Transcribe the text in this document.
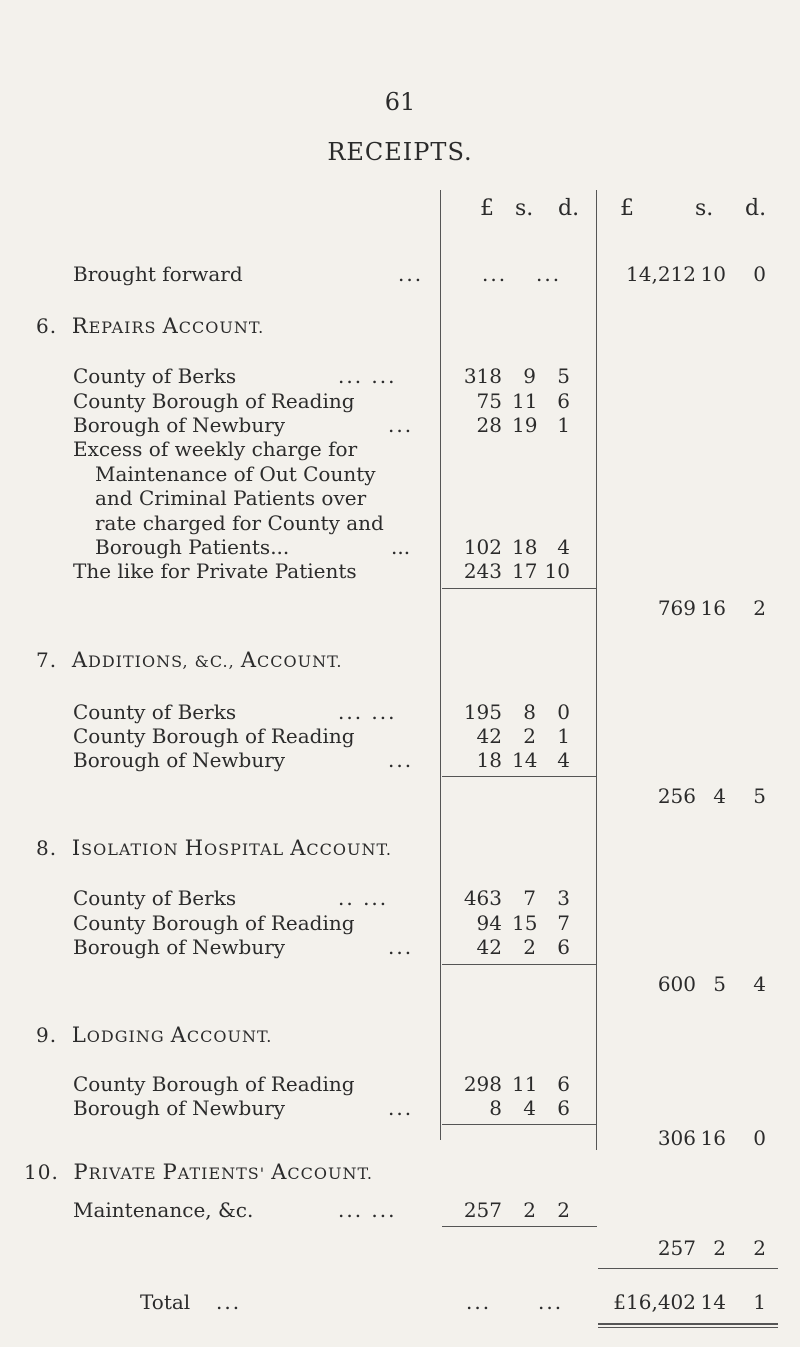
61
RECEIPTS.
£ s. d. £	s. d.
Brought forward	...	... ...	14,212 10	0
6. REPAIRS ACCOUNT.
County of Berks	... ...	318	9	5
County Borough of Reading	75 11 6
Borough of Newbury	...	28 19 1
Excess of weekly charge for
Maintenance of Out County
and Criminal Patients over
rate charged for County and
Borough Patients...	...	102 18 4
The like for Private Patients	243 17 10
769 16	2
7. ADDITIONS, &C., ACCOUNT.
County of Berks	... ...	195	8	0
County Borough of Reading	42	2	1
Borough of Newbury	...	18 14 4
256 4	5
8. ISOLATION HOSPITAL ACCOUNT.
County of Berks	.. ...	463	7	3
County Borough of Reading	94 15 7
Borough of Newbury	...	42	2	6
600 5	4
9. LODGING ACCOUNT.
County Borough of Reading	298 11 6
Borough of Newbury	...	8	4	6
306 16	0
10. PRIVATE PATIENTS' ACCOUNT.
Maintenance, &c.	... ...	257	2	2
257 2	2
Total ...	... ...	£16,402 14	1
